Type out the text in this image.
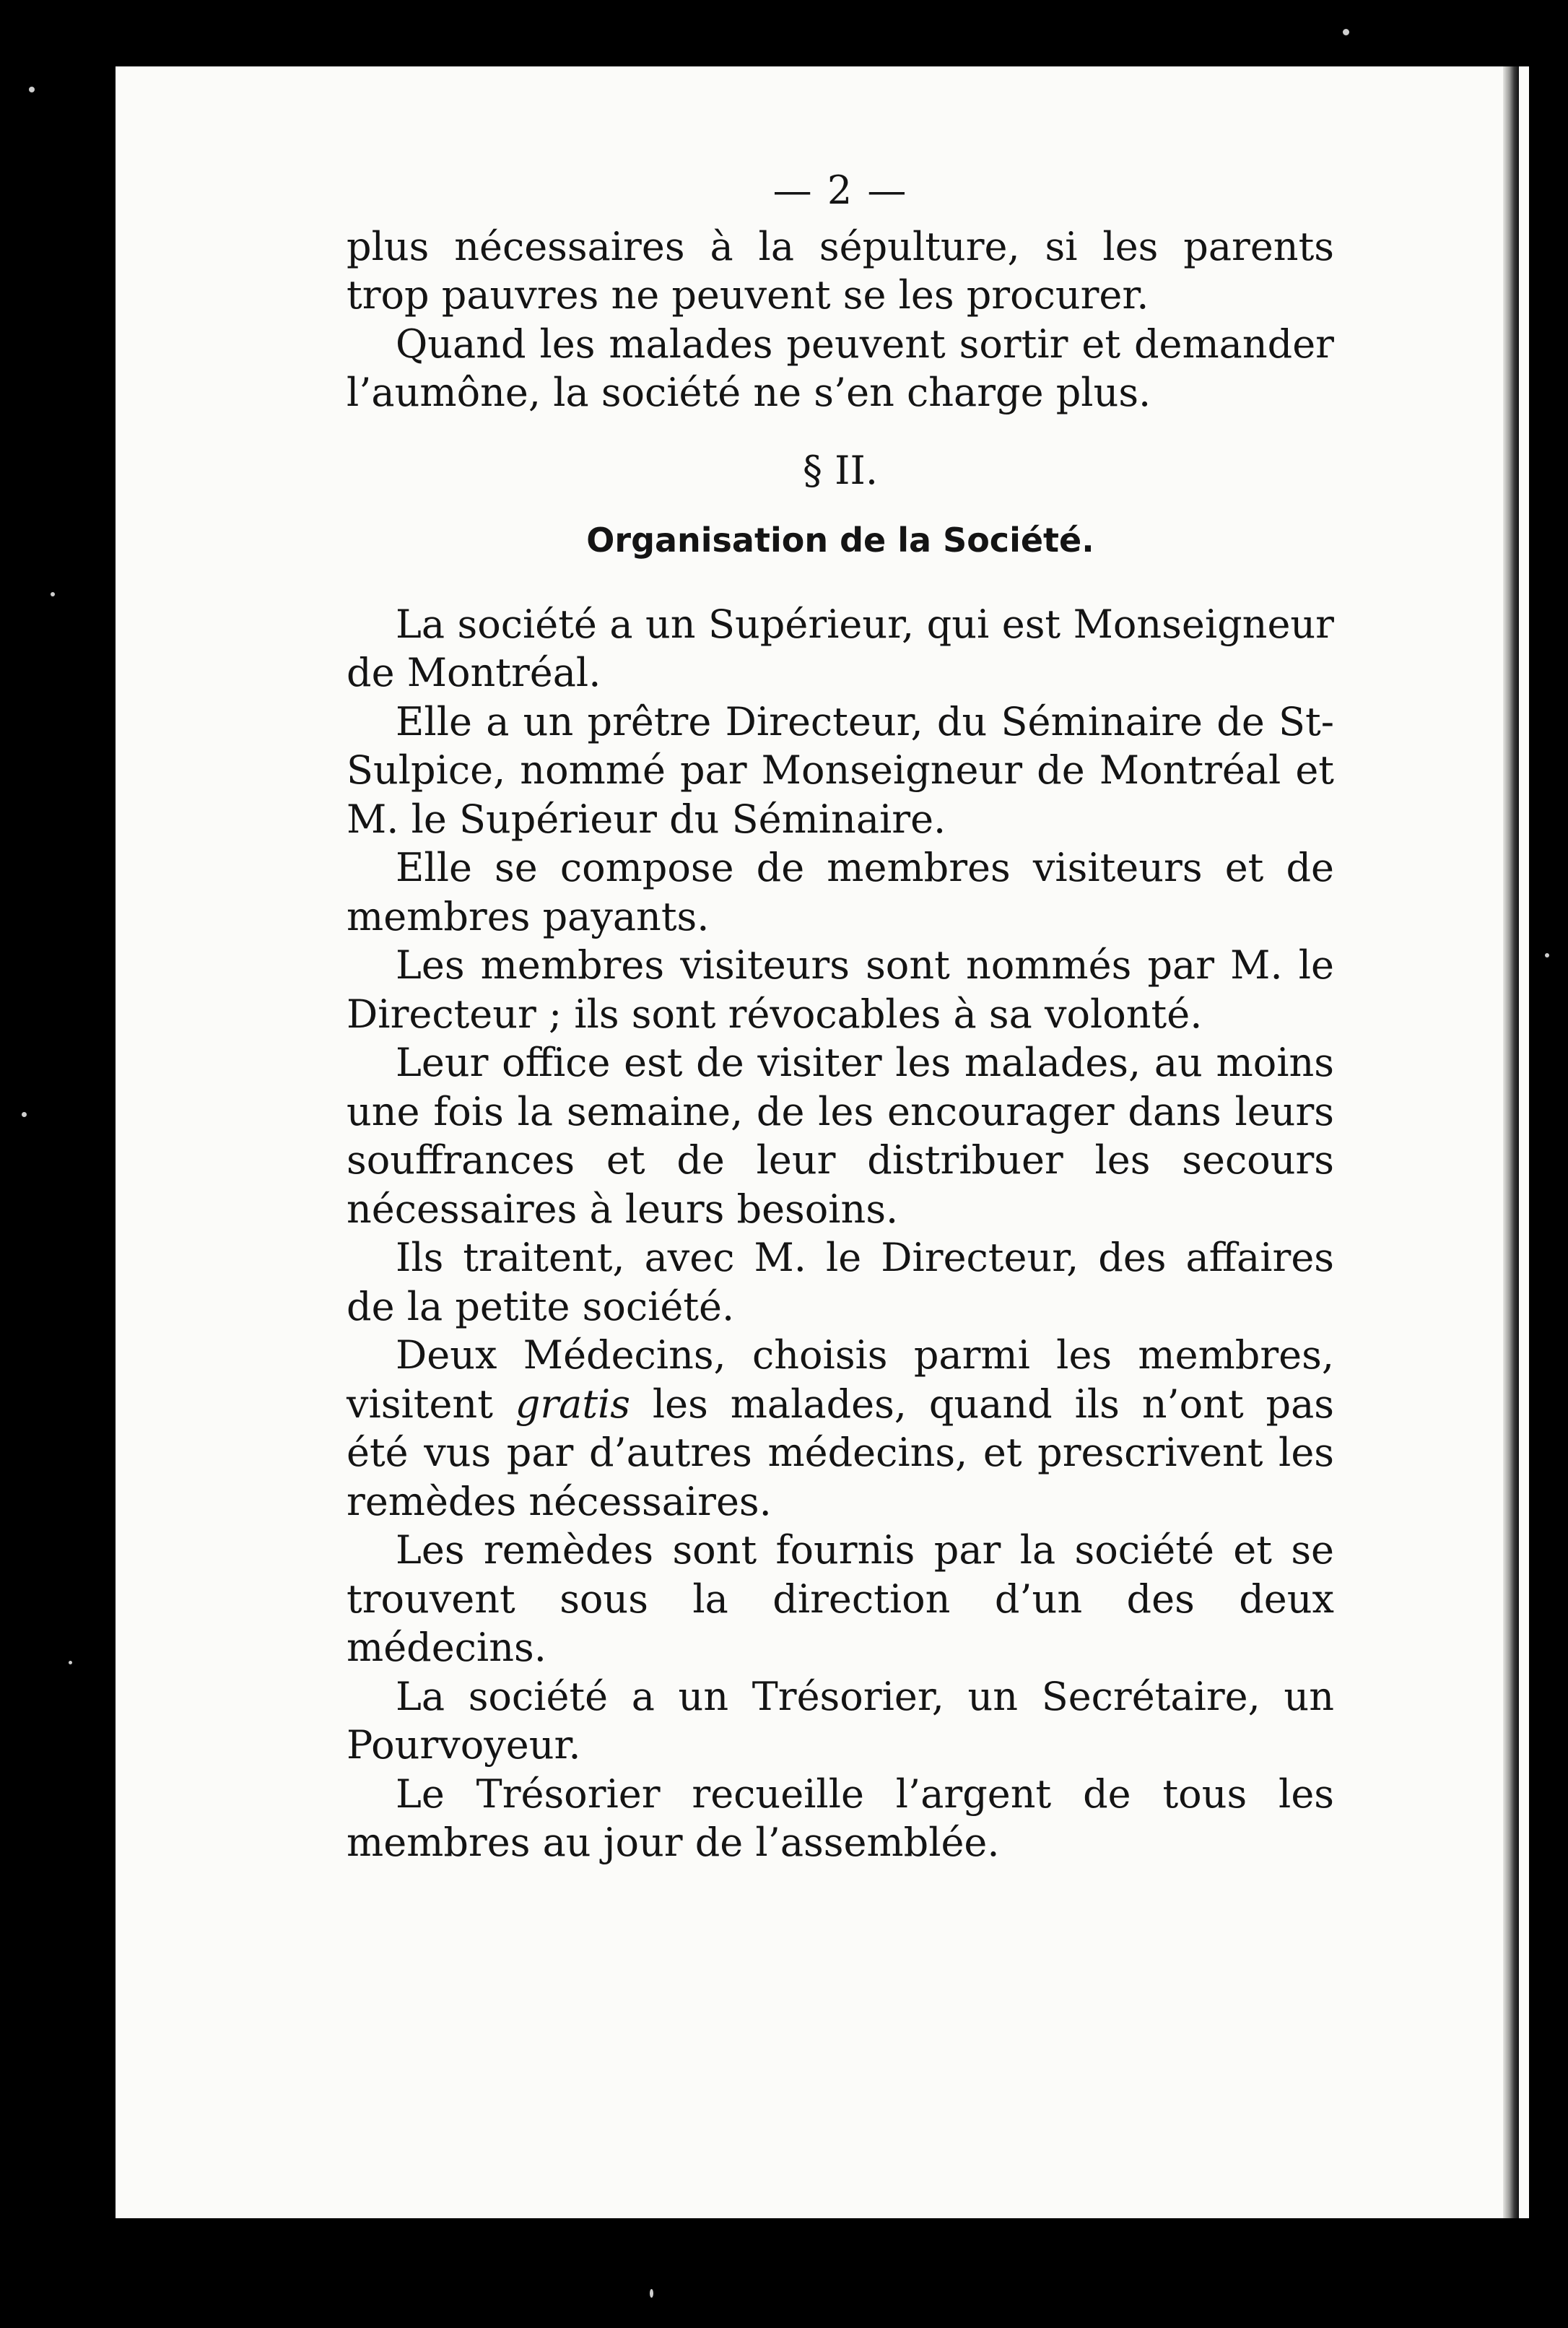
— 2 —

plus nécessaires à la sépulture, si les parents trop pauvres ne peuvent se les procurer.

Quand les malades peuvent sortir et demander l’aumône, la société ne s’en charge plus.

§ II.
Organisation de la Société.

La société a un Supérieur, qui est Monseigneur de Montréal.

Elle a un prêtre Directeur, du Séminaire de St-Sulpice, nommé par Monseigneur de Montréal et M. le Supérieur du Séminaire.

Elle se compose de membres visiteurs et de membres payants.

Les membres visiteurs sont nommés par M. le Directeur ; ils sont révocables à sa volonté.

Leur office est de visiter les malades, au moins une fois la semaine, de les encourager dans leurs souffrances et de leur distribuer les secours nécessaires à leurs besoins.

Ils traitent, avec M. le Directeur, des affaires de la petite société.

Deux Médecins, choisis parmi les membres, visitent gratis les malades, quand ils n’ont pas été vus par d’autres médecins, et prescrivent les remèdes nécessaires.

Les remèdes sont fournis par la société et se trouvent sous la direction d’un des deux médecins.

La société a un Trésorier, un Secrétaire, un Pourvoyeur.

Le Trésorier recueille l’argent de tous les membres au jour de l’assemblée.
